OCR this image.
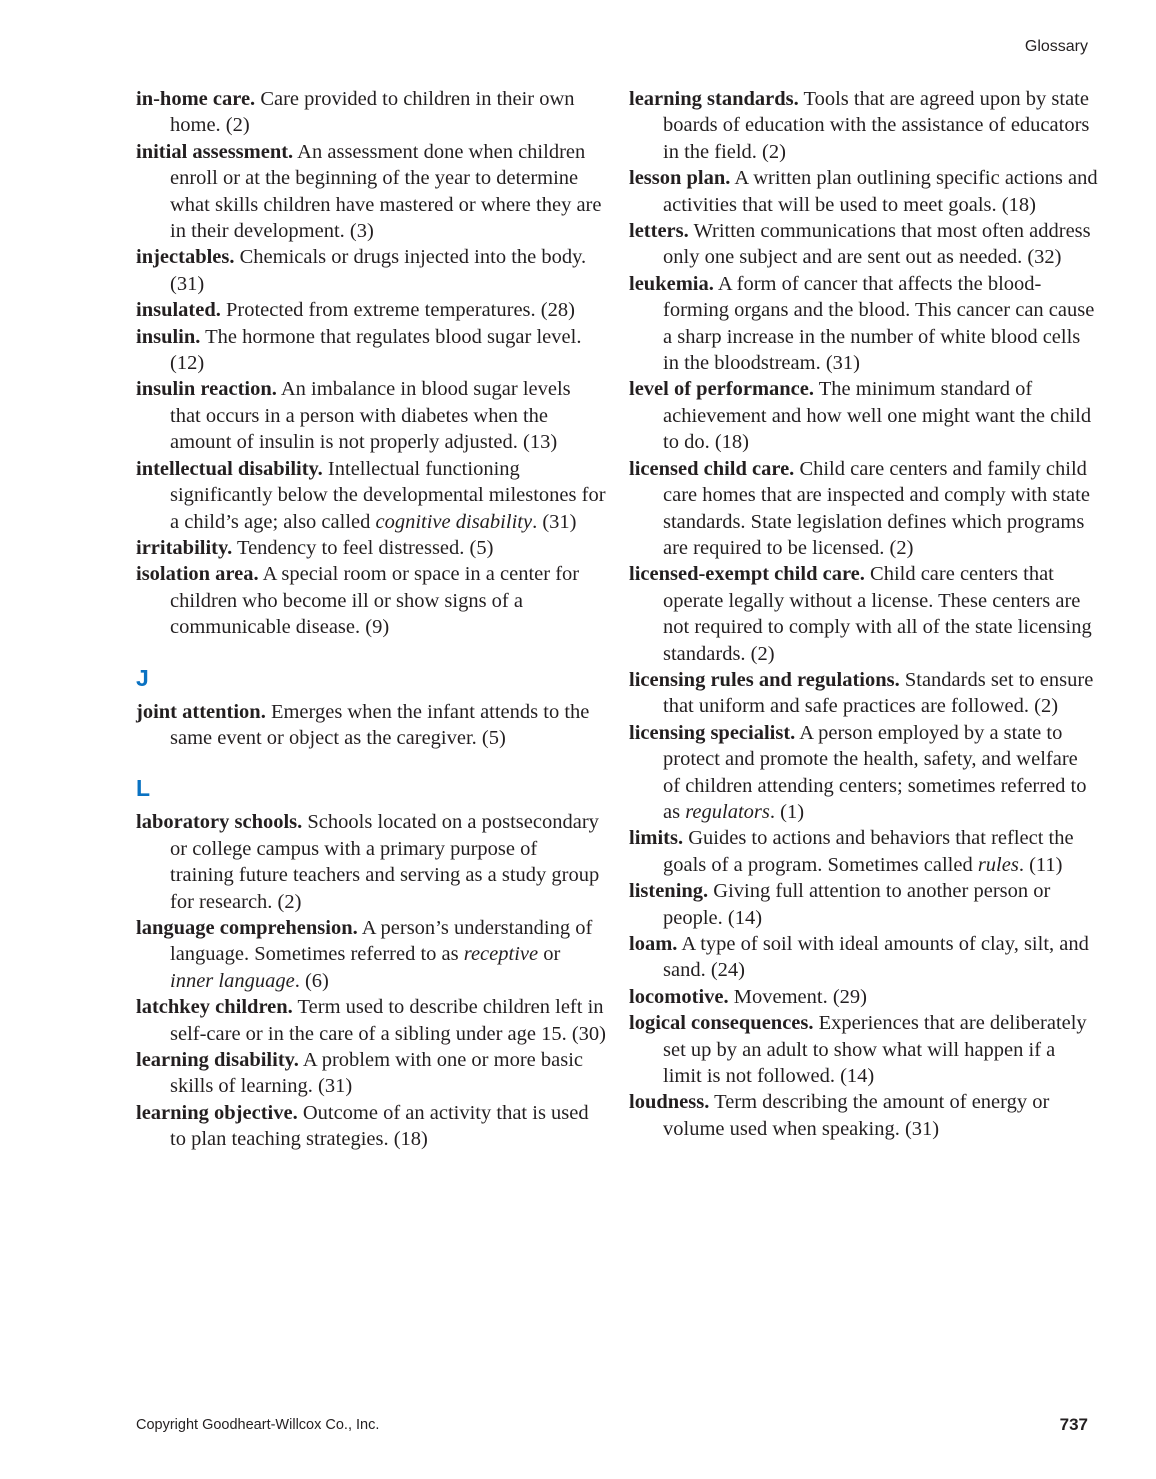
Glossary

in-home care. Care provided to children in their own home. (2)

initial assessment. An assessment done when children enroll or at the beginning of the year to determine what skills children have mastered or where they are in their development. (3)

injectables. Chemicals or drugs injected into the body. (31)

insulated. Protected from extreme temperatures. (28)

insulin. The hormone that regulates blood sugar level. (12)

insulin reaction. An imbalance in blood sugar levels that occurs in a person with diabetes when the amount of insulin is not properly adjusted. (13)

intellectual disability. Intellectual functioning significantly below the developmental milestones for a child’s age; also called cognitive disability. (31)

irritability. Tendency to feel distressed. (5)

isolation area. A special room or space in a center for children who become ill or show signs of a communicable disease. (9)

J

joint attention. Emerges when the infant attends to the same event or object as the caregiver. (5)

L

laboratory schools. Schools located on a postsecondary or college campus with a primary purpose of training future teachers and serving as a study group for research. (2)

language comprehension. A person’s understanding of language. Sometimes referred to as receptive or inner language. (6)

latchkey children. Term used to describe children left in self-care or in the care of a sibling under age 15. (30)

learning disability. A problem with one or more basic skills of learning. (31)

learning objective. Outcome of an activity that is used to plan teaching strategies. (18)

learning standards. Tools that are agreed upon by state boards of education with the assistance of educators in the field. (2)

lesson plan. A written plan outlining specific actions and activities that will be used to meet goals. (18)

letters. Written communications that most often address only one subject and are sent out as needed. (32)

leukemia. A form of cancer that affects the blood-forming organs and the blood. This cancer can cause a sharp increase in the number of white blood cells in the bloodstream. (31)

level of performance. The minimum standard of achievement and how well one might want the child to do. (18)

licensed child care. Child care centers and family child care homes that are inspected and comply with state standards. State legislation defines which programs are required to be licensed. (2)

licensed-exempt child care. Child care centers that operate legally without a license. These centers are not required to comply with all of the state licensing standards. (2)

licensing rules and regulations. Standards set to ensure that uniform and safe practices are followed. (2)

licensing specialist. A person employed by a state to protect and promote the health, safety, and welfare of children attending centers; sometimes referred to as regulators. (1)

limits. Guides to actions and behaviors that reflect the goals of a program. Sometimes called rules. (11)

listening. Giving full attention to another person or people. (14)

loam. A type of soil with ideal amounts of clay, silt, and sand. (24)

locomotive. Movement. (29)

logical consequences. Experiences that are deliberately set up by an adult to show what will happen if a limit is not followed. (14)

loudness. Term describing the amount of energy or volume used when speaking. (31)

Copyright Goodheart-Willcox Co., Inc.	737
